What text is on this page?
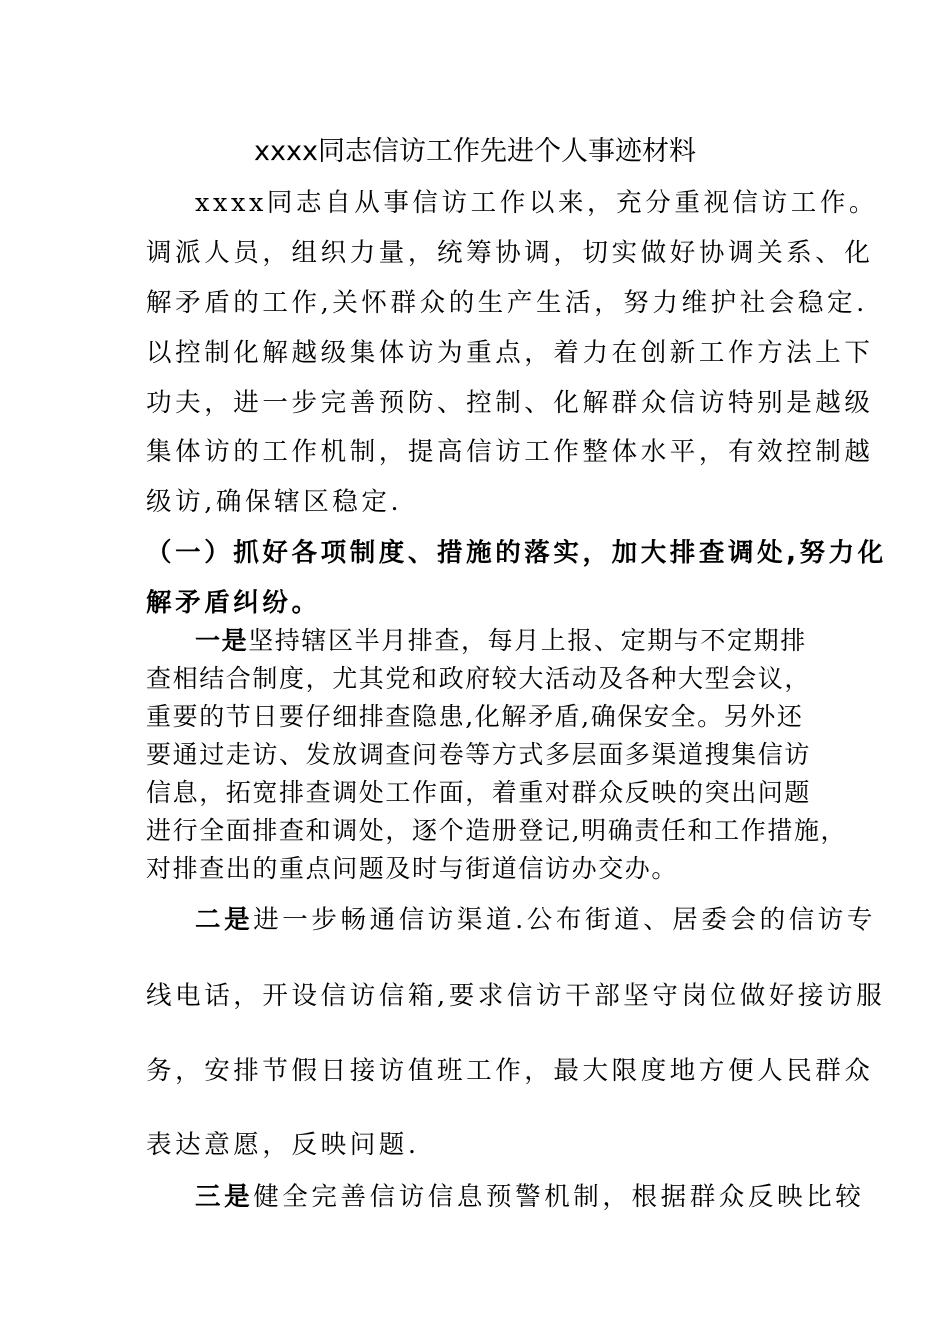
xxxx同志信访工作先进个人事迹材料
xxxx同志自从事信访工作以来，充分重视信访工作。
调派人员，组织力量，统筹协调，切实做好协调关系、化
解矛盾的工作,关怀群众的生产生活，努力维护社会稳定.
以控制化解越级集体访为重点，着力在创新工作方法上下
功夫，进一步完善预防、控制、化解群众信访特别是越级
集体访的工作机制，提高信访工作整体水平，有效控制越
级访,确保辖区稳定.
（一）抓好各项制度、措施的落实，加大排查调处,努力化
解矛盾纠纷。
一是坚持辖区半月排查，每月上报、定期与不定期排
查相结合制度，尤其党和政府较大活动及各种大型会议，
重要的节日要仔细排查隐患,化解矛盾,确保安全。另外还
要通过走访、发放调查问卷等方式多层面多渠道搜集信访
信息，拓宽排查调处工作面，着重对群众反映的突出问题
进行全面排查和调处，逐个造册登记,明确责任和工作措施，
对排查出的重点问题及时与街道信访办交办。
二是进一步畅通信访渠道.公布街道、居委会的信访专
线电话，开设信访信箱,要求信访干部坚守岗位做好接访服
务，安排节假日接访值班工作，最大限度地方便人民群众
表达意愿，反映问题.
三是健全完善信访信息预警机制，根据群众反映比较
